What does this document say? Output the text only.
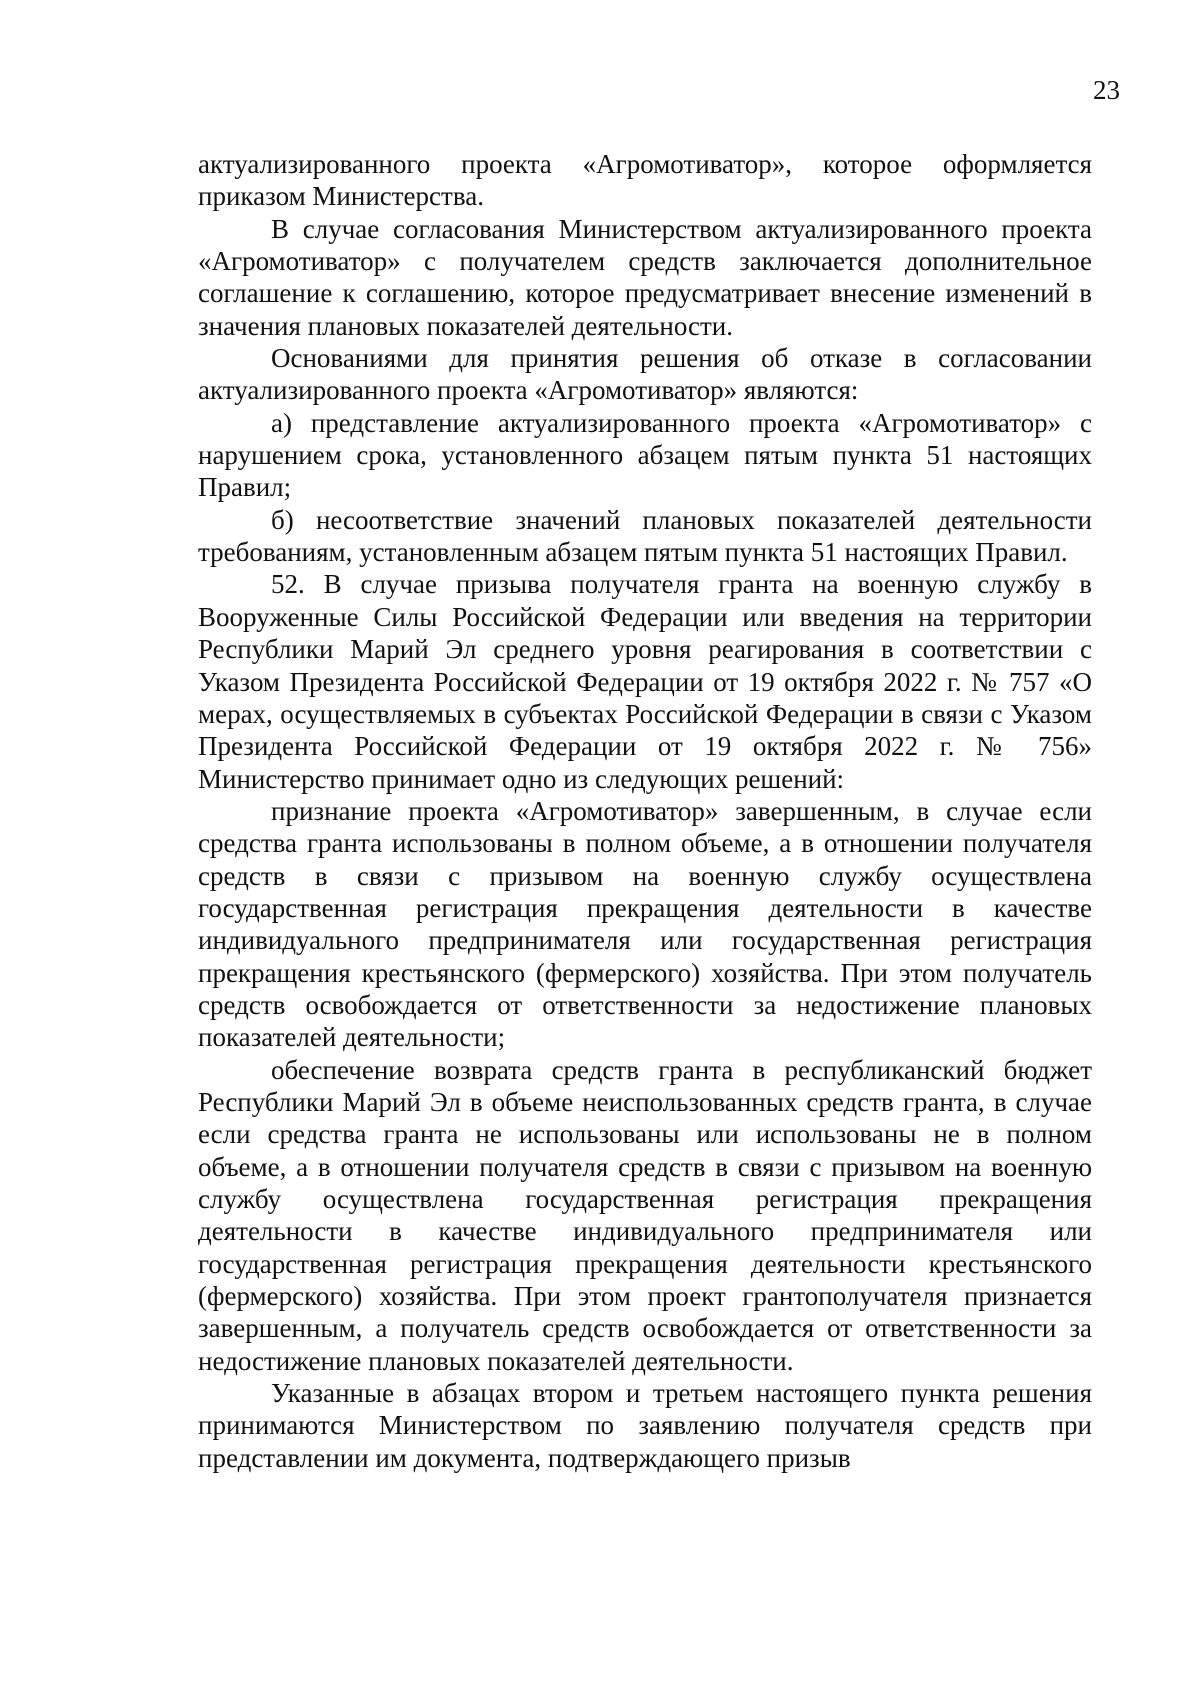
23

актуализированного проекта «Агромотиватор», которое оформляется приказом Министерства.

В случае согласования Министерством актуализированного проекта «Агромотиватор» с получателем средств заключается дополнительное соглашение к соглашению, которое предусматривает внесение изменений в значения плановых показателей деятельности.

Основаниями для принятия решения об отказе в согласовании актуализированного проекта «Агромотиватор» являются:

а) представление актуализированного проекта «Агромотиватор» с нарушением срока, установленного абзацем пятым пункта 51 настоящих Правил;

б) несоответствие значений плановых показателей деятельности требованиям, установленным абзацем пятым пункта 51 настоящих Правил.

52. В случае призыва получателя гранта на военную службу в Вооруженные Силы Российской Федерации или введения на территории Республики Марий Эл среднего уровня реагирования в соответствии с Указом Президента Российской Федерации от 19 октября 2022 г. № 757 «О мерах, осуществляемых в субъектах Российской Федерации в связи с Указом Президента Российской Федерации от 19 октября 2022 г. № 756» Министерство принимает одно из следующих решений:

признание проекта «Агромотиватор» завершенным, в случае если средства гранта использованы в полном объеме, а в отношении получателя средств в связи с призывом на военную службу осуществлена государственная регистрация прекращения деятельности в качестве индивидуального предпринимателя или государственная регистрация прекращения крестьянского (фермерского) хозяйства. При этом получатель средств освобождается от ответственности за недостижение плановых показателей деятельности;

обеспечение возврата средств гранта в республиканский бюджет Республики Марий Эл в объеме неиспользованных средств гранта, в случае если средства гранта не использованы или использованы не в полном объеме, а в отношении получателя средств в связи с призывом на военную службу осуществлена государственная регистрация прекращения деятельности в качестве индивидуального предпринимателя или государственная регистрация прекращения деятельности крестьянского (фермерского) хозяйства. При этом проект грантополучателя признается завершенным, а получатель средств освобождается от ответственности за недостижение плановых показателей деятельности.

Указанные в абзацах втором и третьем настоящего пункта решения принимаются Министерством по заявлению получателя средств при представлении им документа, подтверждающего призыв
